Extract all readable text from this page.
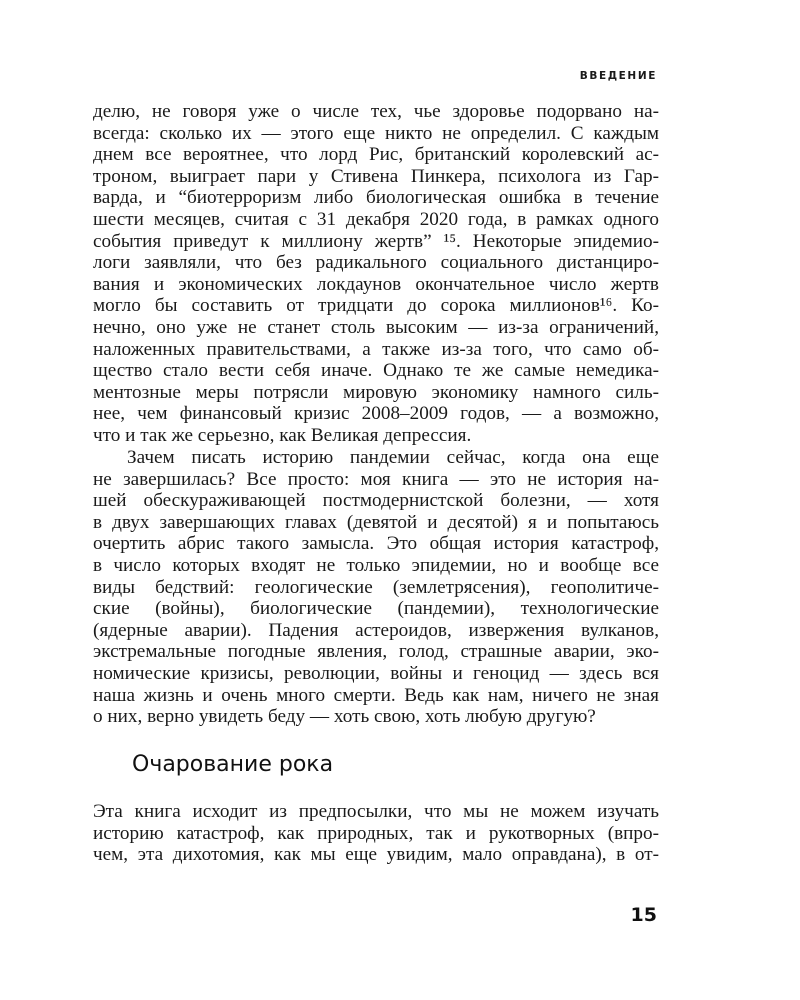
ВВЕДЕНИЕ
делю, не говоря уже о числе тех, чье здоровье подорвано на-
всегда: сколько их — этого еще никто не определил. С каждым
днем все вероятнее, что лорд Рис, британский королевский ас-
троном, выиграет пари у Стивена Пинкера, психолога из Гар-
варда, и “биотерроризм либо биологическая ошибка в течение
шести месяцев, считая с 31 декабря 2020 года, в рамках одного
события приведут к миллиону жертв” ¹⁵. Некоторые эпидемио-
логи заявляли, что без радикального социального дистанциро-
вания и экономических локдаунов окончательное число жертв
могло бы составить от тридцати до сорока миллионов¹⁶. Ко-
нечно, оно уже не станет столь высоким — из-за ограничений,
наложенных правительствами, а также из-за того, что само об-
щество стало вести себя иначе. Однако те же самые немедика-
ментозные меры потрясли мировую экономику намного силь-
нее, чем финансовый кризис 2008–2009 годов, — а возможно,
что и так же серьезно, как Великая депрессия.
Зачем писать историю пандемии сейчас, когда она еще
не завершилась? Все просто: моя книга — это не история на-
шей обескураживающей постмодернистской болезни, — хотя
в двух завершающих главах (девятой и десятой) я и попытаюсь
очертить абрис такого замысла. Это общая история катастроф,
в число которых входят не только эпидемии, но и вообще все
виды бедствий: геологические (землетрясения), геополитиче-
ские (войны), биологические (пандемии), технологические
(ядерные аварии). Падения астероидов, извержения вулканов,
экстремальные погодные явления, голод, страшные аварии, эко-
номические кризисы, революции, войны и геноцид — здесь вся
наша жизнь и очень много смерти. Ведь как нам, ничего не зная
о них, верно увидеть беду — хоть свою, хоть любую другую?
Очарование рока
Эта книга исходит из предпосылки, что мы не можем изучать
историю катастроф, как природных, так и рукотворных (впро-
чем, эта дихотомия, как мы еще увидим, мало оправдана), в от-
15
